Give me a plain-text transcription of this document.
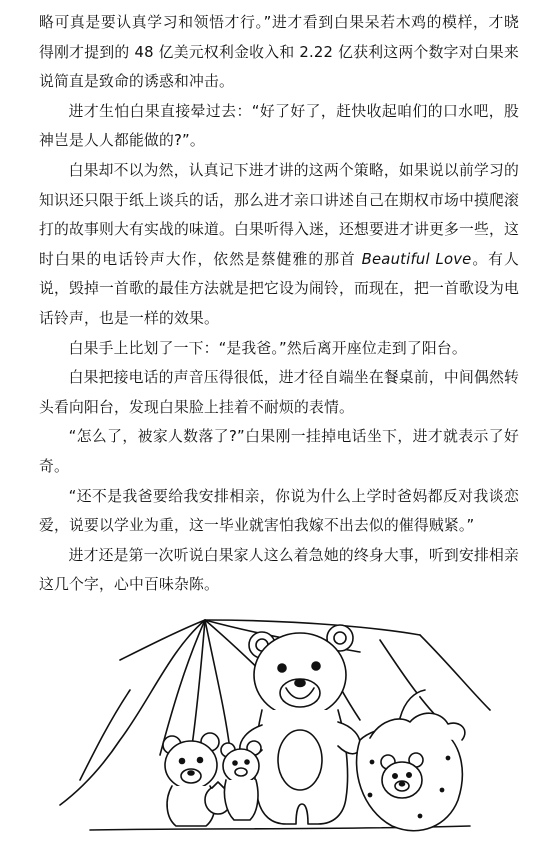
略可真是要认真学习和领悟才行。”进才看到白果呆若木鸡的模样，才晓得刚才提到的 48 亿美元权利金收入和 2.22 亿获利这两个数字对白果来说简直是致命的诱惑和冲击。

进才生怕白果直接晕过去：“好了好了，赶快收起咱们的口水吧，股神岂是人人都能做的?”。

白果却不以为然，认真记下进才讲的这两个策略，如果说以前学习的知识还只限于纸上谈兵的话，那么进才亲口讲述自己在期权市场中摸爬滚打的故事则大有实战的味道。白果听得入迷，还想要进才讲更多一些，这时白果的电话铃声大作，依然是蔡健雅的那首 Beautiful Love。有人说，毁掉一首歌的最佳方法就是把它设为闹铃，而现在，把一首歌设为电话铃声，也是一样的效果。

白果手上比划了一下：“是我爸。”然后离开座位走到了阳台。

白果把接电话的声音压得很低，进才径自端坐在餐桌前，中间偶然转头看向阳台，发现白果脸上挂着不耐烦的表情。

“怎么了，被家人数落了?”白果刚一挂掉电话坐下，进才就表示了好奇。

“还不是我爸要给我安排相亲，你说为什么上学时爸妈都反对我谈恋爱，说要以学业为重，这一毕业就害怕我嫁不出去似的催得贼紧。”

进才还是第一次听说白果家人这么着急她的终身大事，听到安排相亲这几个字，心中百味杂陈。
